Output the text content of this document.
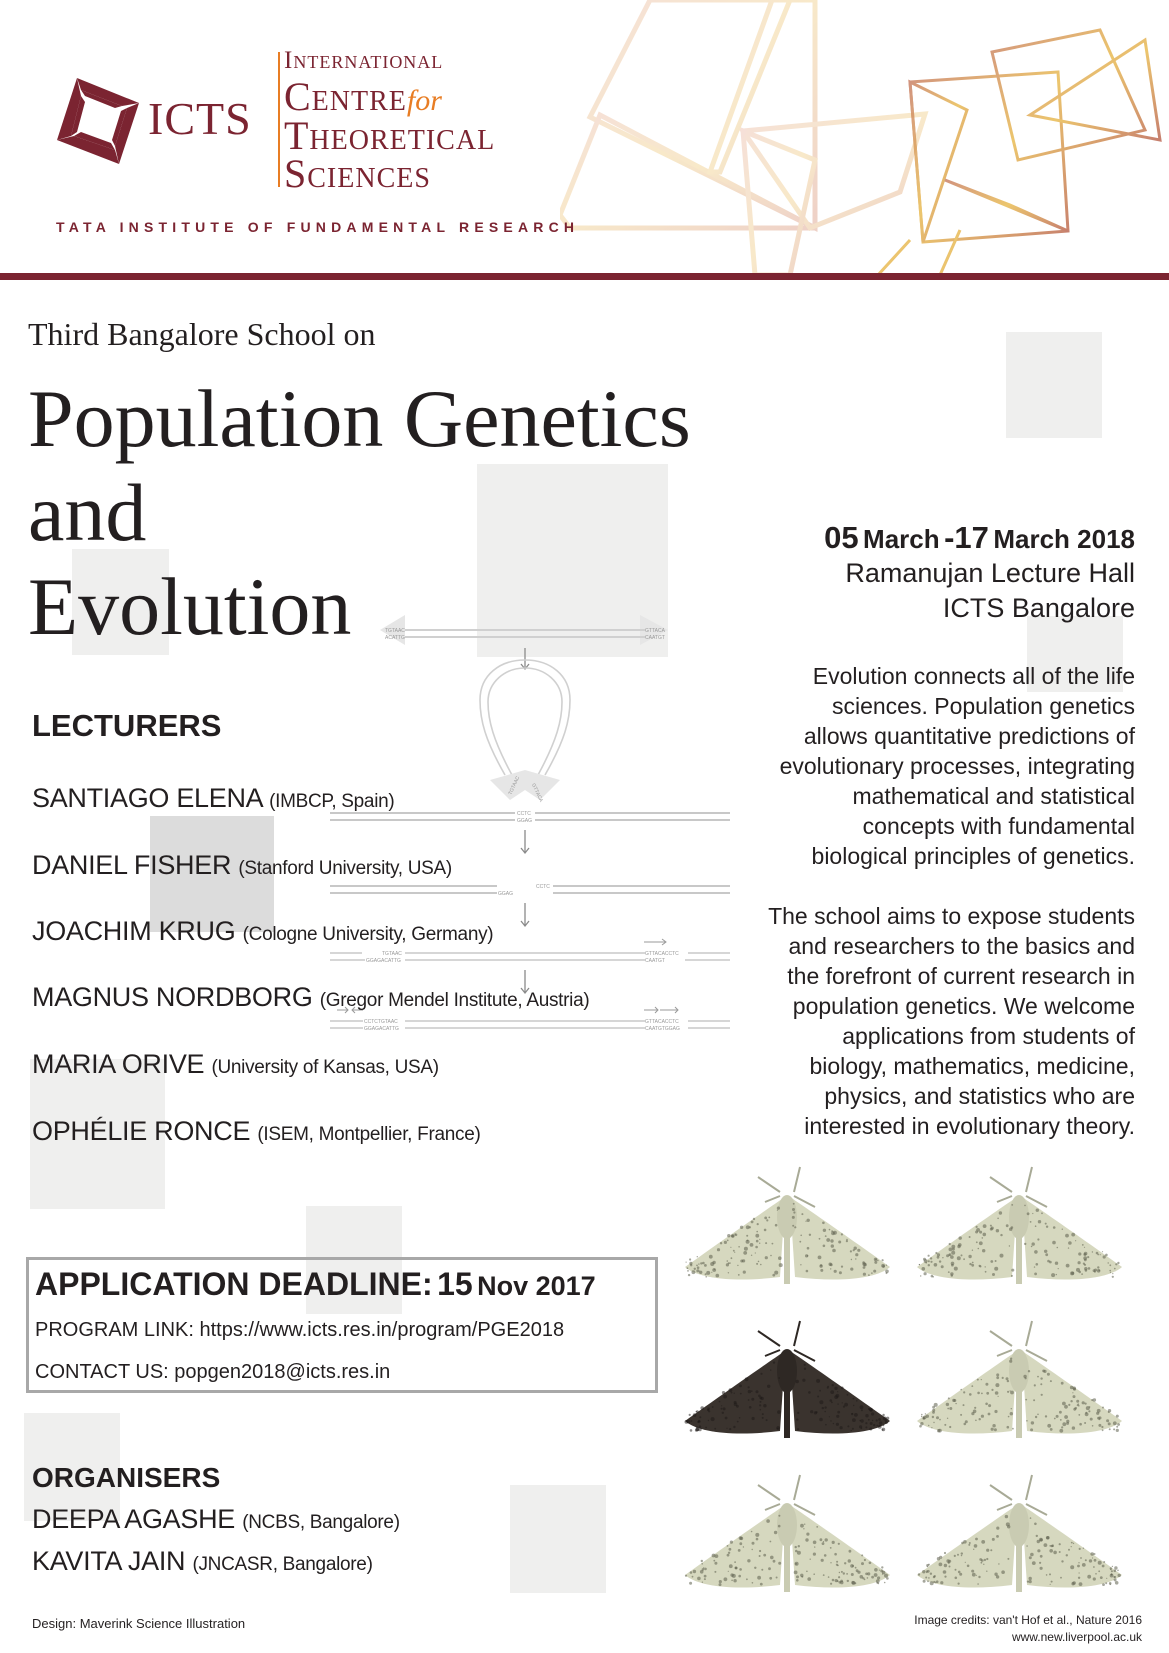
ICTS
International
Centrefor
Theoretical
Sciences
TATA INSTITUTE OF FUNDAMENTAL RESEARCH
Third Bangalore School on
Population Genetics
and
Evolution	TGTAAC
ACATTG
GTTACA
CAATGT
TGTAAC GTTACA
CCTC
GGAG
GGAG
CCTC
TGTAAC
GGAGACATTG
GTTACACCTC
CAATGT
CCTCTGTAAC
GGAGACATTG
GTTACACCTC
CAATGTGGAG
05 March -17 March 2018
Ramanujan Lecture Hall
ICTS Bangalore
Evolution connects all of the life
sciences. Population genetics
allows quantitative predictions of
evolutionary processes, integrating
mathematical and statistical
concepts with fundamental
biological principles of genetics.
The school aims to expose students
and researchers to the basics and
the forefront of current research in
population genetics. We welcome
applications from students of
biology, mathematics, medicine,
physics, and statistics who are
interested in evolutionary theory.
LECTURERS
SANTIAGO ELENA (IMBCP, Spain)
DANIEL FISHER (Stanford University, USA)
JOACHIM KRUG (Cologne University, Germany)
MAGNUS NORDBORG (Gregor Mendel Institute, Austria)
MARIA ORIVE (University of Kansas, USA)
OPHÉLIE RONCE (ISEM, Montpellier, France)
APPLICATION DEADLINE: 15 Nov 2017
PROGRAM LINK: https://www.icts.res.in/program/PGE2018
CONTACT US: popgen2018@icts.res.in
ORGANISERS
DEEPA AGASHE (NCBS, Bangalore)
KAVITA JAIN (JNCASR, Bangalore)
Design: Maverink Science Illustration	Image credits: van't Hof et al., Nature 2016
www.new.liverpool.ac.uk
